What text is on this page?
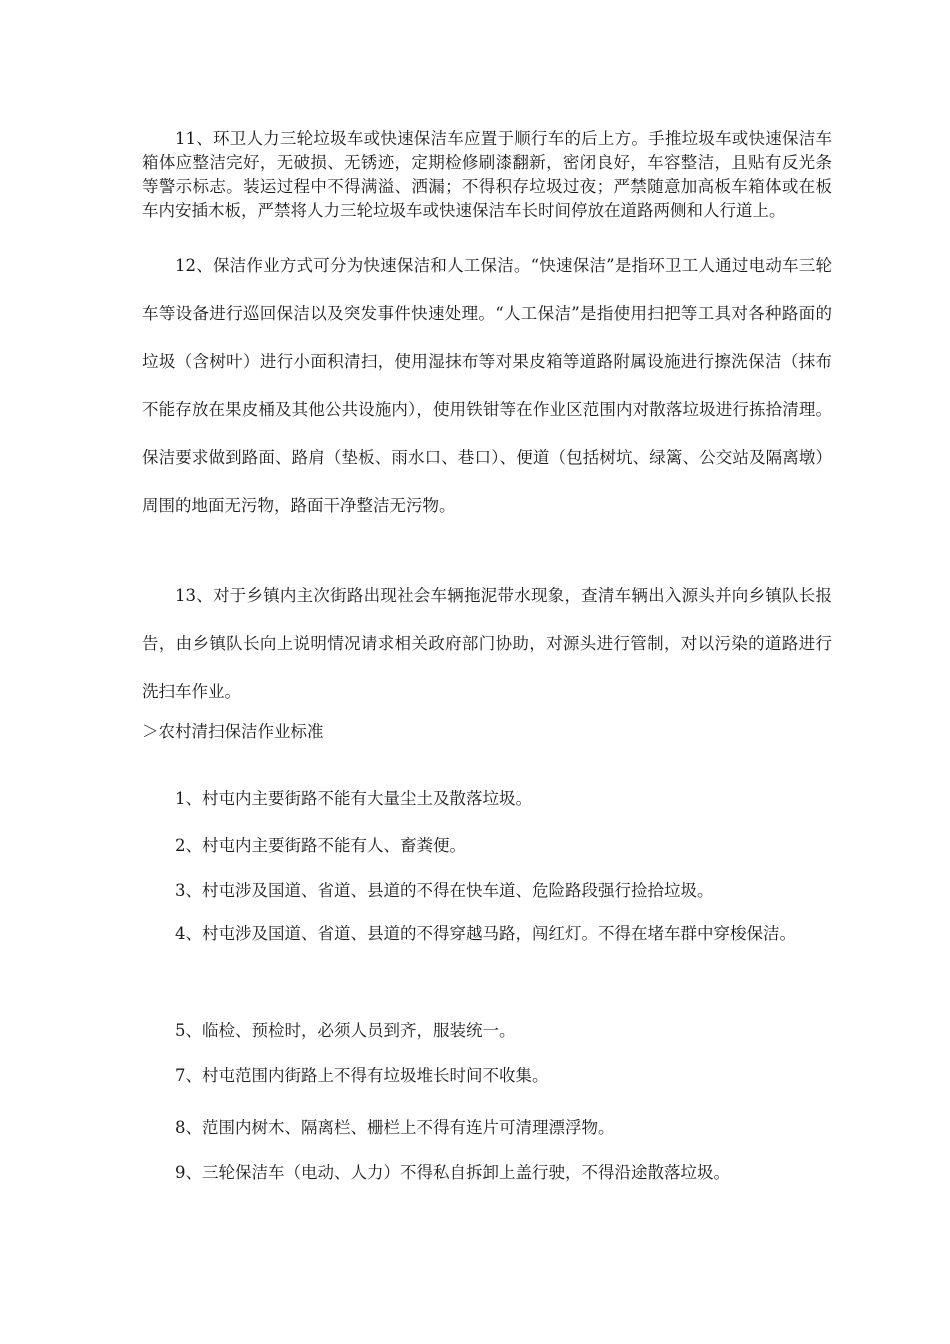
11、环卫人力三轮垃圾车或快速保洁车应置于顺行车的后上方。手推垃圾车或快速保洁车箱体应整洁完好，无破损、无锈迹，定期检修刷漆翻新，密闭良好，车容整洁，且贴有反光条等警示标志。装运过程中不得满溢、洒漏；不得积存垃圾过夜；严禁随意加高板车箱体或在板车内安插木板，严禁将人力三轮垃圾车或快速保洁车长时间停放在道路两侧和人行道上。

12、保洁作业方式可分为快速保洁和人工保洁。“快速保洁”是指环卫工人通过电动车三轮车等设备进行巡回保洁以及突发事件快速处理。“人工保洁”是指使用扫把等工具对各种路面的垃圾（含树叶）进行小面积清扫，使用湿抹布等对果皮箱等道路附属设施进行擦洗保洁（抹布不能存放在果皮桶及其他公共设施内），使用铁钳等在作业区范围内对散落垃圾进行拣拾清理。保洁要求做到路面、路肩（垫板、雨水口、巷口）、便道（包括树坑、绿篱、公交站及隔离墩）周围的地面无污物，路面干净整洁无污物。

13、对于乡镇内主次街路出现社会车辆拖泥带水现象，查清车辆出入源头并向乡镇队长报告，由乡镇队长向上说明情况请求相关政府部门协助，对源头进行管制，对以污染的道路进行洗扫车作业。

＞农村清扫保洁作业标准

1、村屯内主要街路不能有大量尘土及散落垃圾。

2、村屯内主要街路不能有人、畜粪便。

3、村屯涉及国道、省道、县道的不得在快车道、危险路段强行捡拾垃圾。

4、村屯涉及国道、省道、县道的不得穿越马路，闯红灯。不得在堵车群中穿梭保洁。

5、临检、预检时，必须人员到齐，服装统一。

7、村屯范围内街路上不得有垃圾堆长时间不收集。

8、范围内树木、隔离栏、栅栏上不得有连片可清理漂浮物。

9、三轮保洁车（电动、人力）不得私自拆卸上盖行驶，不得沿途散落垃圾。
